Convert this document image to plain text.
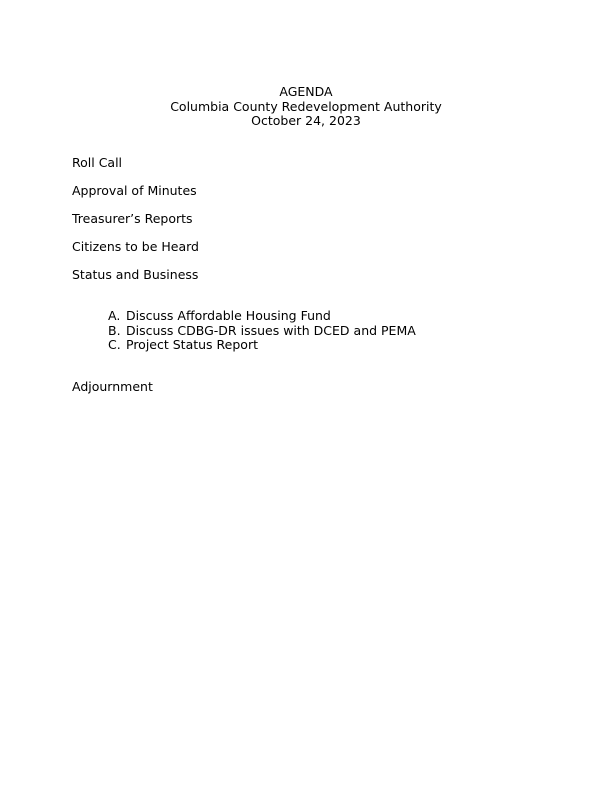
AGENDA
Columbia County Redevelopment Authority
October 24, 2023
Roll Call
Approval of Minutes
Treasurer’s Reports
Citizens to be Heard
Status and Business
A. Discuss Affordable Housing Fund
B. Discuss CDBG-DR issues with DCED and PEMA
C. Project Status Report
Adjournment
